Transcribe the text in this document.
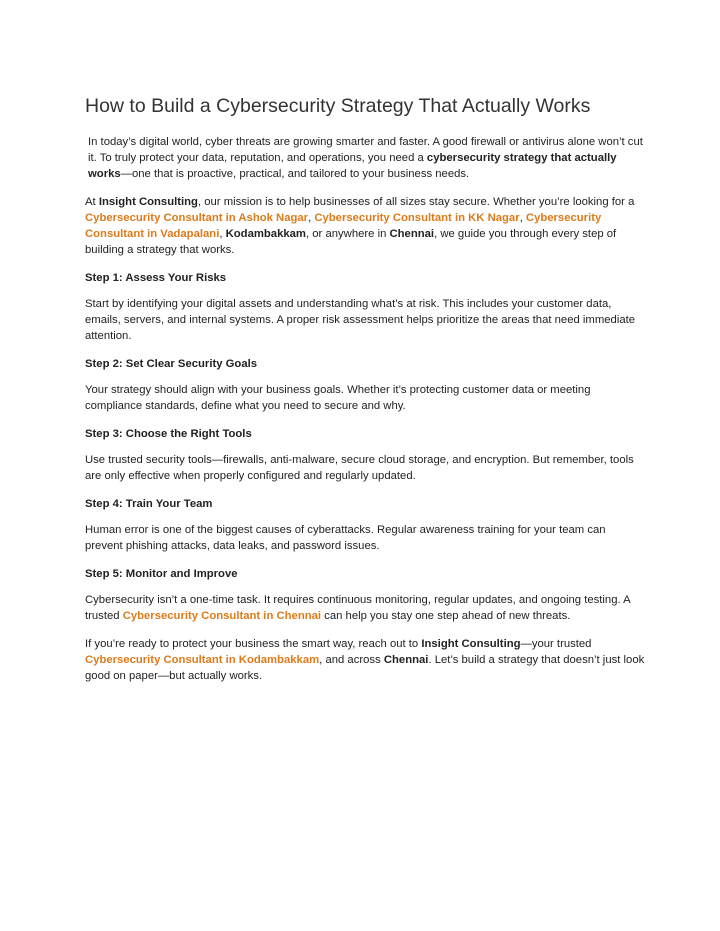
How to Build a Cybersecurity Strategy That Actually Works

In today’s digital world, cyber threats are growing smarter and faster. A good firewall or antivirus alone won’t cut it. To truly protect your data, reputation, and operations, you need a cybersecurity strategy that actually works—one that is proactive, practical, and tailored to your business needs.

At Insight Consulting, our mission is to help businesses of all sizes stay secure. Whether you’re looking for a Cybersecurity Consultant in Ashok Nagar, Cybersecurity Consultant in KK Nagar, Cybersecurity Consultant in Vadapalani, Kodambakkam, or anywhere in Chennai, we guide you through every step of building a strategy that works.

Step 1: Assess Your Risks

Start by identifying your digital assets and understanding what’s at risk. This includes your customer data, emails, servers, and internal systems. A proper risk assessment helps prioritize the areas that need immediate attention.

Step 2: Set Clear Security Goals

Your strategy should align with your business goals. Whether it’s protecting customer data or meeting compliance standards, define what you need to secure and why.

Step 3: Choose the Right Tools

Use trusted security tools—firewalls, anti-malware, secure cloud storage, and encryption. But remember, tools are only effective when properly configured and regularly updated.

Step 4: Train Your Team

Human error is one of the biggest causes of cyberattacks. Regular awareness training for your team can prevent phishing attacks, data leaks, and password issues.

Step 5: Monitor and Improve

Cybersecurity isn’t a one-time task. It requires continuous monitoring, regular updates, and ongoing testing. A trusted Cybersecurity Consultant in Chennai can help you stay one step ahead of new threats.

If you’re ready to protect your business the smart way, reach out to Insight Consulting—your trusted Cybersecurity Consultant in Kodambakkam, and across Chennai. Let’s build a strategy that doesn’t just look good on paper—but actually works.
